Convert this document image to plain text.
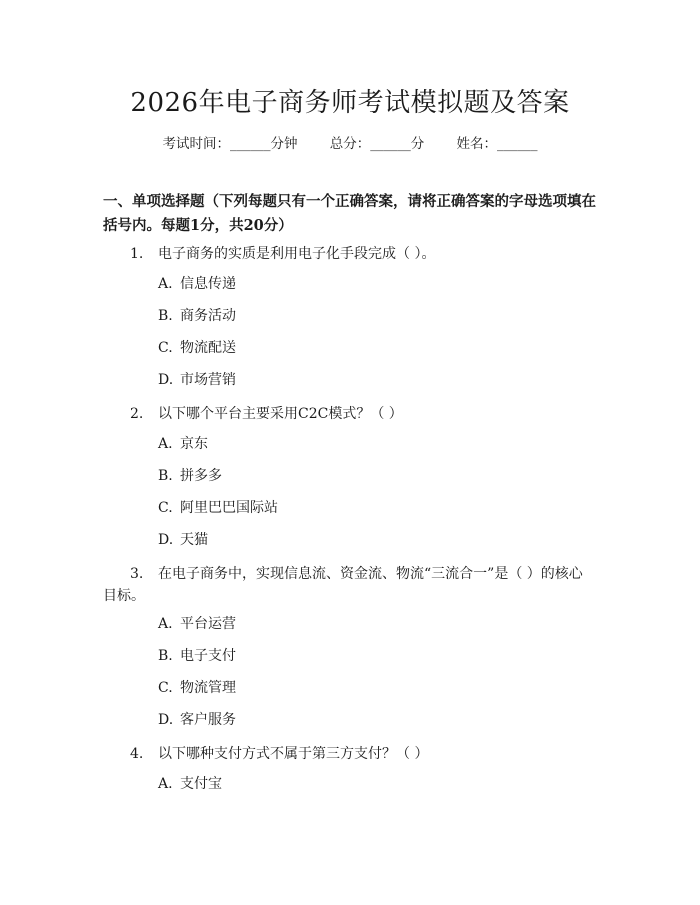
2026年电子商务师考试模拟题及答案
考试时间：______分钟 总分：______分 姓名：______
一、单项选择题（下列每题只有一个正确答案，请将正确答案的字母选项填在括号内。每题1分，共20分）
1. 电子商务的实质是利用电子化手段完成（ ）。
A. 信息传递
B. 商务活动
C. 物流配送
D. 市场营销
2. 以下哪个平台主要采用C2C模式？（ ）
A. 京东
B. 拼多多
C. 阿里巴巴国际站
D. 天猫
3. 在电子商务中，实现信息流、资金流、物流“三流合一”是（ ）的核心
目标。
A. 平台运营
B. 电子支付
C. 物流管理
D. 客户服务
4. 以下哪种支付方式不属于第三方支付？（ ）
A. 支付宝
